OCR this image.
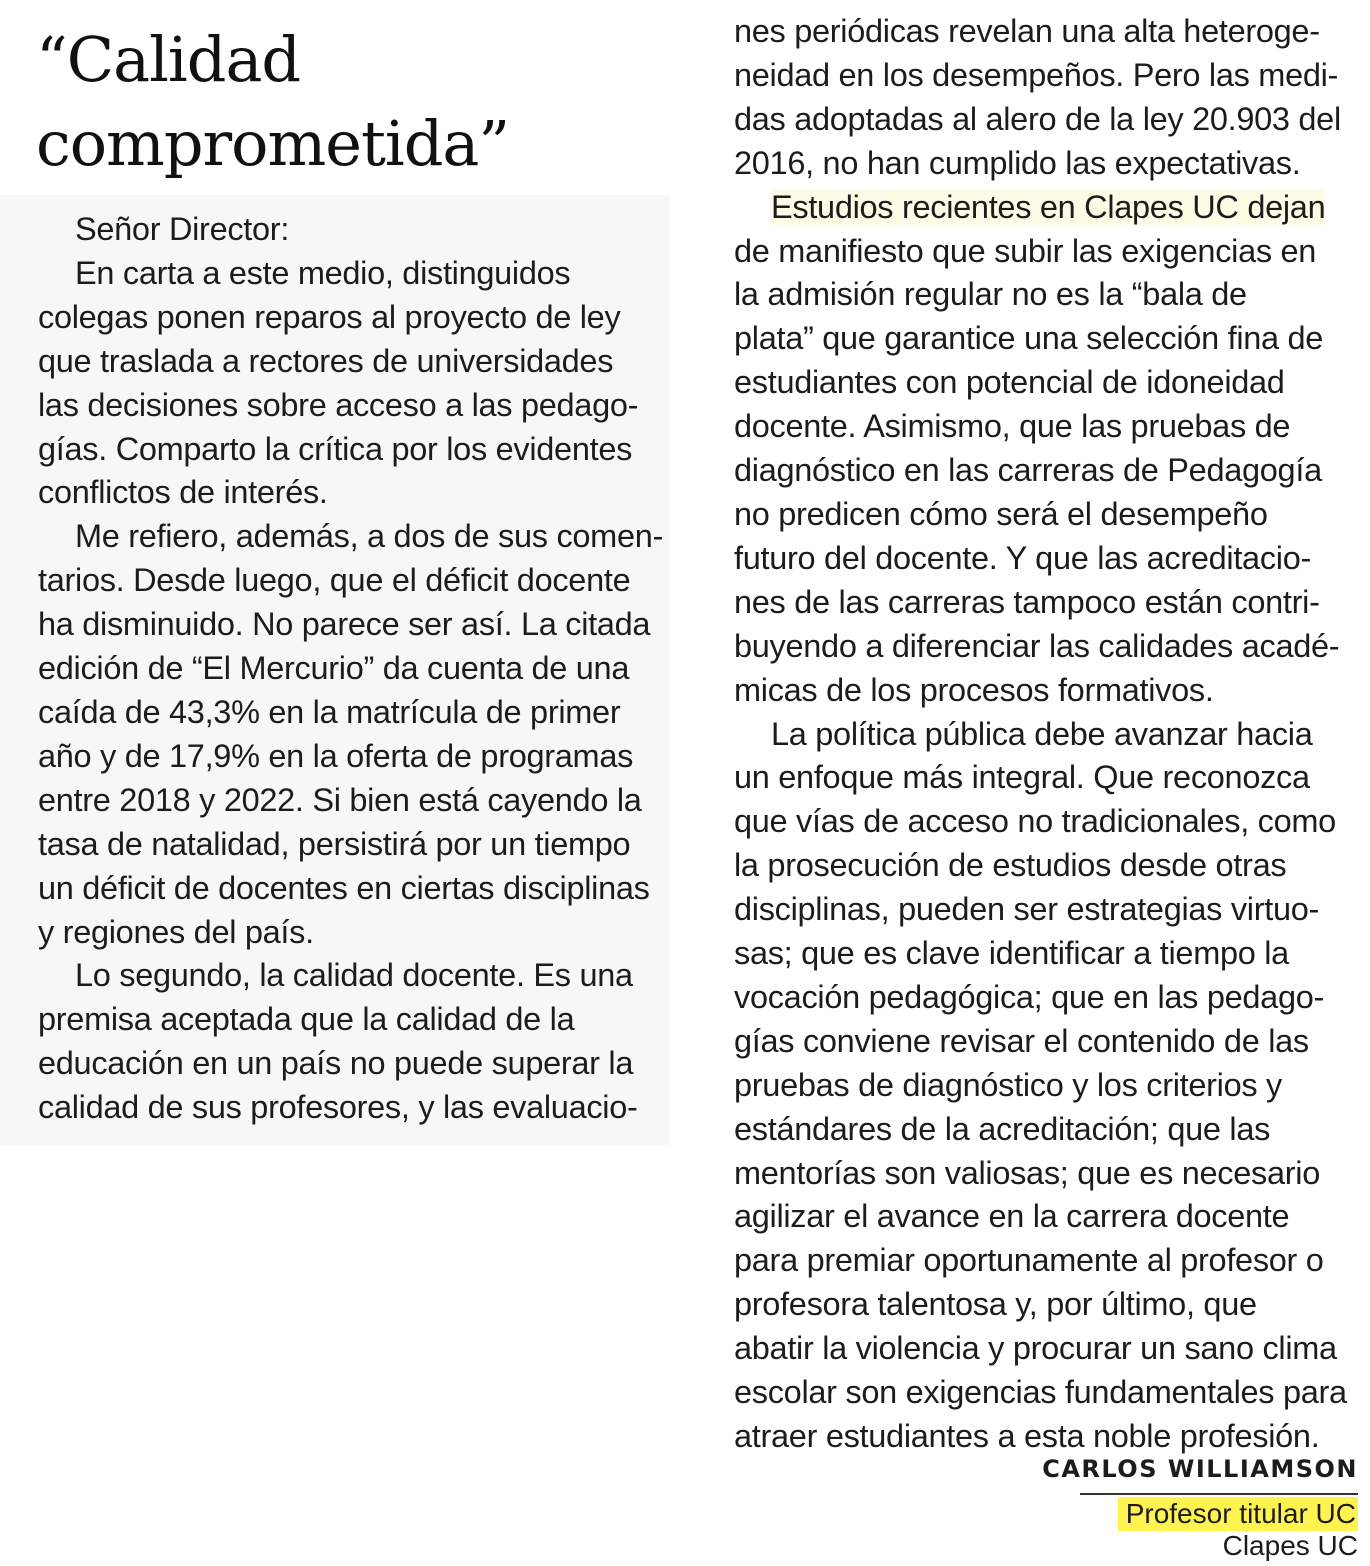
“Calidad
comprometida”
Señor Director:
En carta a este medio, distinguidos
colegas ponen reparos al proyecto de ley
que traslada a rectores de universidades
las decisiones sobre acceso a las pedago-
gías. Comparto la crítica por los evidentes
conflictos de interés.
Me refiero, además, a dos de sus comen-
tarios. Desde luego, que el déficit docente
ha disminuido. No parece ser así. La citada
edición de “El Mercurio” da cuenta de una
caída de 43,3% en la matrícula de primer
año y de 17,9% en la oferta de programas
entre 2018 y 2022. Si bien está cayendo la
tasa de natalidad, persistirá por un tiempo
un déficit de docentes en ciertas disciplinas
y regiones del país.
Lo segundo, la calidad docente. Es una
premisa aceptada que la calidad de la
educación en un país no puede superar la
calidad de sus profesores, y las evaluacio-
nes periódicas revelan una alta heteroge-
neidad en los desempeños. Pero las medi-
das adoptadas al alero de la ley 20.903 del
2016, no han cumplido las expectativas.
Estudios recientes en Clapes UC dejan
de manifiesto que subir las exigencias en
la admisión regular no es la “bala de
plata” que garantice una selección fina de
estudiantes con potencial de idoneidad
docente. Asimismo, que las pruebas de
diagnóstico en las carreras de Pedagogía
no predicen cómo será el desempeño
futuro del docente. Y que las acreditacio-
nes de las carreras tampoco están contri-
buyendo a diferenciar las calidades acadé-
micas de los procesos formativos.
La política pública debe avanzar hacia
un enfoque más integral. Que reconozca
que vías de acceso no tradicionales, como
la prosecución de estudios desde otras
disciplinas, pueden ser estrategias virtuo-
sas; que es clave identificar a tiempo la
vocación pedagógica; que en las pedago-
gías conviene revisar el contenido de las
pruebas de diagnóstico y los criterios y
estándares de la acreditación; que las
mentorías son valiosas; que es necesario
agilizar el avance en la carrera docente
para premiar oportunamente al profesor o
profesora talentosa y, por último, que
abatir la violencia y procurar un sano clima
escolar son exigencias fundamentales para
atraer estudiantes a esta noble profesión.
CARLOS WILLIAMSON
Profesor titular UC
Clapes UC
